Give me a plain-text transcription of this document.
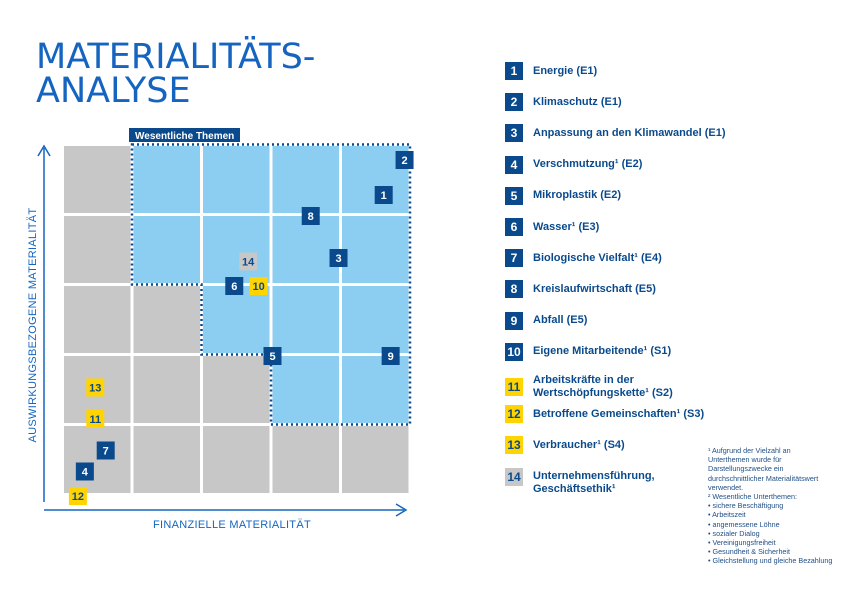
MATERIALITÄTS-
ANALYSE
Wesentliche Themen
FINANZIELLE MATERIALITÄT
AUSWIRKUNGSBEZOGENE MATERIALITÄT
1
2
3
4
5
6
7
8
9
10
11
12
13
14
1	Energie (E1)
2	Klimaschutz (E1)
3	Anpassung an den Klimawandel (E1)
4	Verschmutzung¹ (E2)
5	Mikroplastik (E2)
6	Wasser¹ (E3)
7	Biologische Vielfalt¹ (E4)
8	Kreislaufwirtschaft (E5)
9	Abfall (E5)
10 Eigene Mitarbeitende¹ (S1)
11 Arbeitskräfte in der Wertschöpfungskette¹ (S2)
12 Betroffene Gemeinschaften¹ (S3)
13 Verbraucher¹ (S4)
14 Unternehmensführung, Geschäftsethik¹
¹ Aufgrund der Vielzahl an Unterthemen wurde für Darstellungszwecke ein durchschnittlicher Materialitätswert verwendet.
² Wesentliche Unterthemen:
• sichere Beschäftigung
• Arbeitszeit
• angemessene Löhne
• sozialer Dialog
• Vereinigungsfreiheit
• Gesundheit & Sicherheit
• Gleichstellung und gleiche Bezahlung
